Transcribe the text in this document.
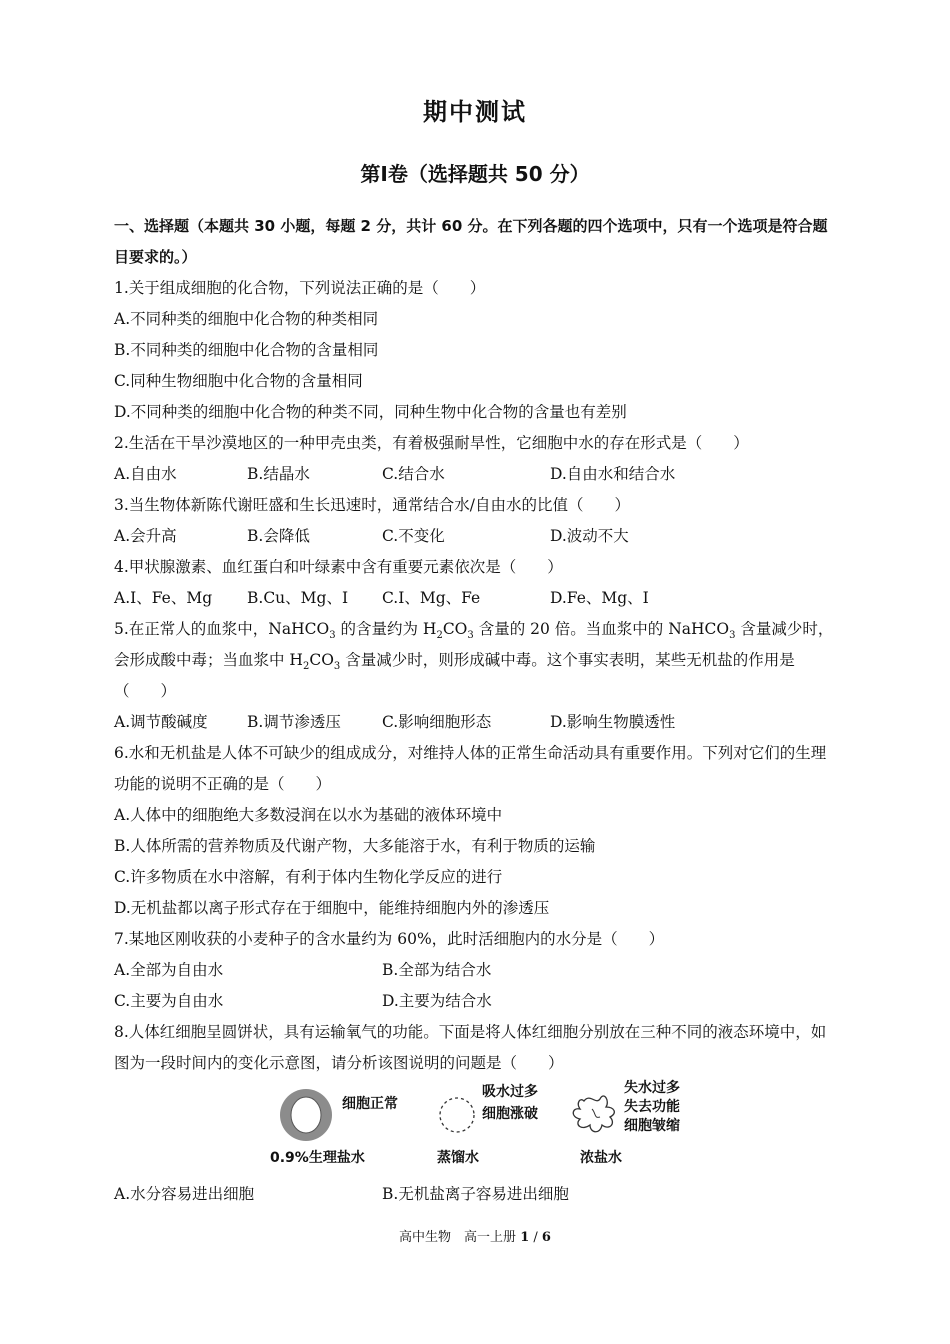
期中测试
第Ⅰ卷（选择题共 50 分）
一、选择题（本题共 30 小题，每题 2 分，共计 60 分。在下列各题的四个选项中，只有一个选项是符合题目要求的。）
1.关于组成细胞的化合物，下列说法正确的是（　　）
A.不同种类的细胞中化合物的种类相同
B.不同种类的细胞中化合物的含量相同
C.同种生物细胞中化合物的含量相同
D.不同种类的细胞中化合物的种类不同，同种生物中化合物的含量也有差别
2.生活在干旱沙漠地区的一种甲壳虫类，有着极强耐旱性，它细胞中水的存在形式是（　　）
A.自由水	B.结晶水	C.结合水	D.自由水和结合水
3.当生物体新陈代谢旺盛和生长迅速时，通常结合水/自由水的比值（　　）
A.会升高	B.会降低	C.不变化	D.波动不大
4.甲状腺激素、血红蛋白和叶绿素中含有重要元素依次是（　　）
A.I、Fe、Mg	B.Cu、Mg、I	C.I、Mg、Fe	D.Fe、Mg、I
5.在正常人的血浆中，NaHCO$_3$ 的含量约为 $H_2CO_3$ 含量的 20 倍。当血浆中的 NaHCO$_3$ 含量减少时，会形成酸中毒；当血浆中 $H_2CO_3$ 含量减少时，则形成碱中毒。这个事实表明，某些无机盐的作用是（　　）
A.调节酸碱度	B.调节渗透压	C.影响细胞形态	D.影响生物膜透性
6.水和无机盐是人体不可缺少的组成成分，对维持人体的正常生命活动具有重要作用。下列对它们的生理功能的说明不正确的是（　　）
A.人体中的细胞绝大多数浸润在以水为基础的液体环境中
B.人体所需的营养物质及代谢产物，大多能溶于水，有利于物质的运输
C.许多物质在水中溶解，有利于体内生物化学反应的进行
D.无机盐都以离子形式存在于细胞中，能维持细胞内外的渗透压
7.某地区刚收获的小麦种子的含水量约为 60%，此时活细胞内的水分是（　　）
A.全部为自由水	B.全部为结合水
C.主要为自由水	D.主要为结合水
8.人体红细胞呈圆饼状，具有运输氧气的功能。下面是将人体红细胞分别放在三种不同的液态环境中，如图为一段时间内的变化示意图，请分析该图说明的问题是（　　）
细胞正常
吸水过多
细胞涨破
失水过多
失去功能
细胞皱缩
0.9%生理盐水	蒸馏水	浓盐水
A.水分容易进出细胞	B.无机盐离子容易进出细胞
高中生物　高一上册 1 / 6
